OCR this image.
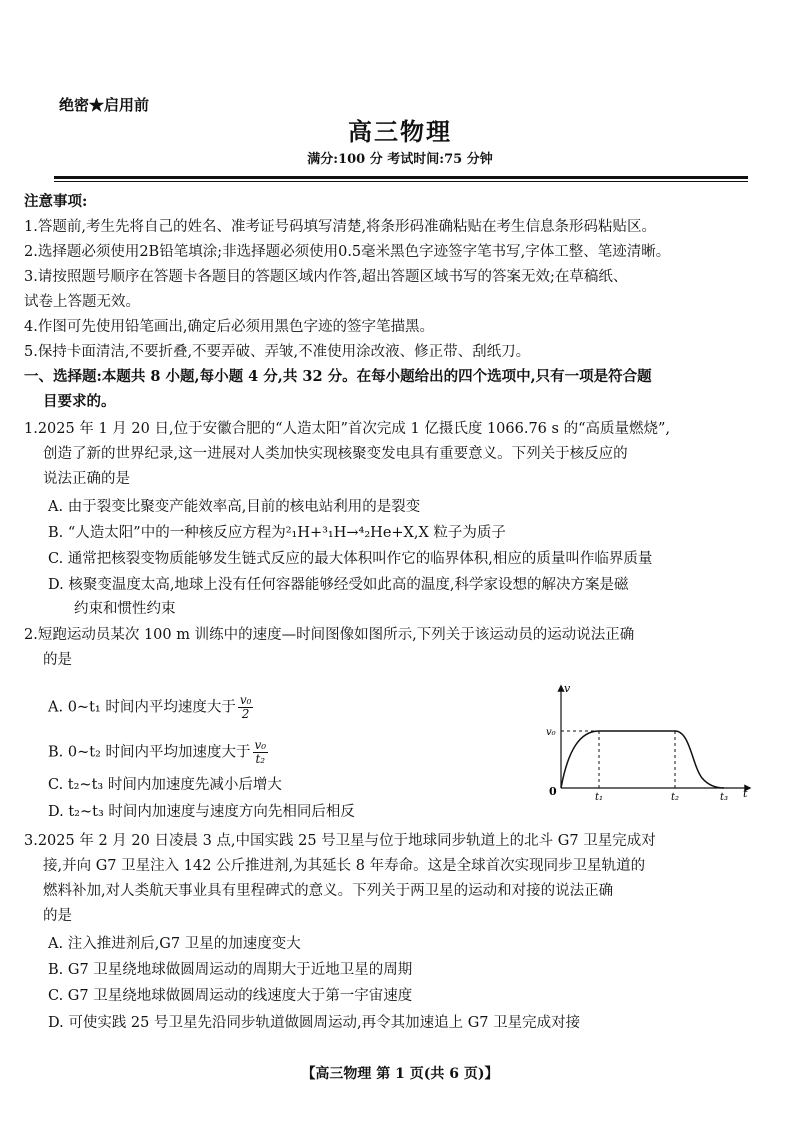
绝密★启用前
高三物理
满分:100 分 考试时间:75 分钟
注意事项:
1.答题前,考生先将自己的姓名、准考证号码填写清楚,将条形码准确粘贴在考生信息条形码粘贴区。
2.选择题必须使用2B铅笔填涂;非选择题必须使用0.5毫米黑色字迹签字笔书写,字体工整、笔迹清晰。
3.请按照题号顺序在答题卡各题目的答题区域内作答,超出答题区域书写的答案无效;在草稿纸、
试卷上答题无效。
4.作图可先使用铅笔画出,确定后必须用黑色字迹的签字笔描黑。
5.保持卡面清洁,不要折叠,不要弄破、弄皱,不准使用涂改液、修正带、刮纸刀。
一、选择题:本题共 8 小题,每小题 4 分,共 32 分。在每小题给出的四个选项中,只有一项是符合题
目要求的。
1.2025 年 1 月 20 日,位于安徽合肥的“人造太阳”首次完成 1 亿摄氏度 1066.76 s 的“高质量燃烧”,
创造了新的世界纪录,这一进展对人类加快实现核聚变发电具有重要意义。下列关于核反应的
说法正确的是
A. 由于裂变比聚变产能效率高,目前的核电站利用的是裂变
B. “人造太阳”中的一种核反应方程为²₁H+³₁H→⁴₂He+X,X 粒子为质子
C. 通常把核裂变物质能够发生链式反应的最大体积叫作它的临界体积,相应的质量叫作临界质量
D. 核聚变温度太高,地球上没有任何容器能够经受如此高的温度,科学家设想的解决方案是磁
约束和惯性约束
2.短跑运动员某次 100 m 训练中的速度—时间图像如图所示,下列关于该运动员的运动说法正确
的是
A. 0~t₁ 时间内平均速度大于 $\frac{\text{v₀}}{2}$
B. 0~t₂ 时间内平均加速度大于 $\frac{\text{v₀}}{\text{t₂}}$
C. t₂~t₃ 时间内加速度先减小后增大
D. t₂~t₃ 时间内加速度与速度方向先相同后相反
v
v₀
0	t
t₁	t₂	t₃
3.2025 年 2 月 20 日凌晨 3 点,中国实践 25 号卫星与位于地球同步轨道上的北斗 G7 卫星完成对
接,并向 G7 卫星注入 142 公斤推进剂,为其延长 8 年寿命。这是全球首次实现同步卫星轨道的
燃料补加,对人类航天事业具有里程碑式的意义。下列关于两卫星的运动和对接的说法正确
的是
A. 注入推进剂后,G7 卫星的加速度变大
B. G7 卫星绕地球做圆周运动的周期大于近地卫星的周期
C. G7 卫星绕地球做圆周运动的线速度大于第一宇宙速度
D. 可使实践 25 号卫星先沿同步轨道做圆周运动,再令其加速追上 G7 卫星完成对接
【高三物理 第 1 页(共 6 页)】
